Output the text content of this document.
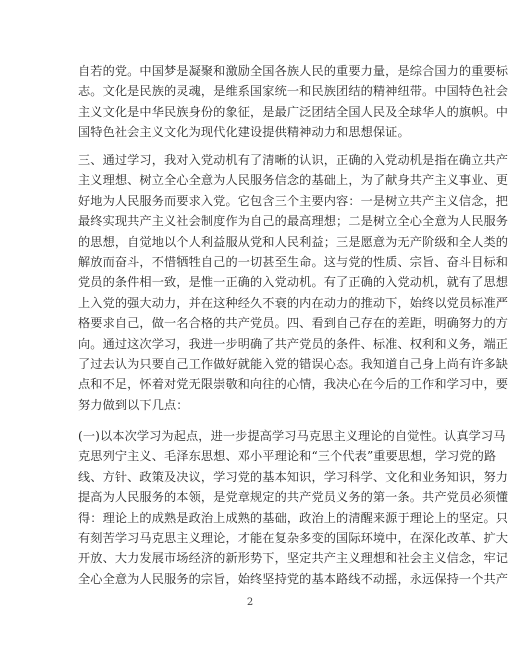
自若的党。中国梦是凝聚和激励全国各族人民的重要力量，是综合国力的重要标
志。文化是民族的灵魂，是维系国家统一和民族团结的精神纽带。中国特色社会
主义文化是中华民族身份的象征，是最广泛团结全国人民及全球华人的旗帜。中
国特色社会主义文化为现代化建设提供精神动力和思想保证。
三、通过学习，我对入党动机有了清晰的认识，正确的入党动机是指在确立共产
主义理想、树立全心全意为人民服务信念的基础上，为了献身共产主义事业、更
好地为人民服务而要求入党。它包含三个主要内容：一是树立共产主义信念，把
最终实现共产主义社会制度作为自己的最高理想；二是树立全心全意为人民服务
的思想，自觉地以个人利益服从党和人民利益；三是愿意为无产阶级和全人类的
解放而奋斗，不惜牺牲自己的一切甚至生命。这与党的性质、宗旨、奋斗目标和
党员的条件相一致，是惟一正确的入党动机。有了正确的入党动机，就有了思想
上入党的强大动力，并在这种经久不衰的内在动力的推动下，始终以党员标准严
格要求自己，做一名合格的共产党员。四、看到自己存在的差距，明确努力的方
向。通过这次学习，我进一步明确了共产党员的条件、标准、权利和义务，端正
了过去认为只要自己工作做好就能入党的错误心态。我知道自己身上尚有许多缺
点和不足，怀着对党无限崇敬和向往的心情，我决心在今后的工作和学习中，要
努力做到以下几点：
(一)以本次学习为起点，进一步提高学习马克思主义理论的自觉性。认真学习马
克思列宁主义、毛泽东思想、邓小平理论和“三个代表”重要思想，学习党的路
线、方针、政策及决议，学习党的基本知识，学习科学、文化和业务知识，努力
提高为人民服务的本领，是党章规定的共产党员义务的第一条。共产党员必须懂
得：理论上的成熟是政治上成熟的基础，政治上的清醒来源于理论上的坚定。只
有刻苦学习马克思主义理论，才能在复杂多变的国际环境中，在深化改革、扩大
开放、大力发展市场经济的新形势下，坚定共产主义理想和社会主义信念，牢记
全心全意为人民服务的宗旨，始终坚持党的基本路线不动摇，永远保持一个共产
2
